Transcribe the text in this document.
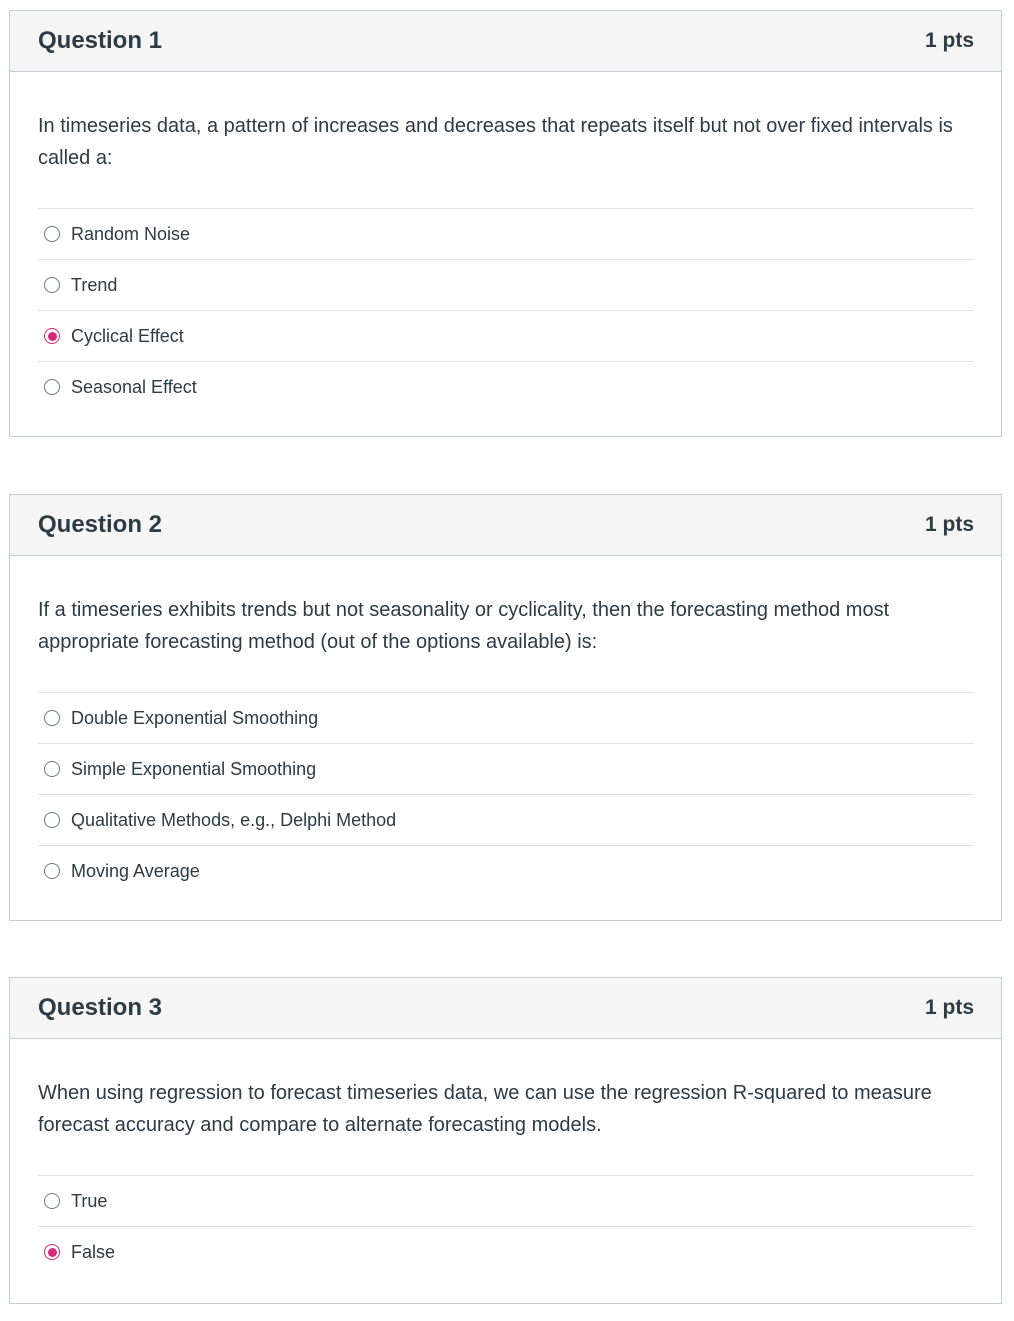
Question 1	1 pts

In timeseries data, a pattern of increases and decreases that repeats itself but not over fixed intervals is called a:

Random Noise
Trend
Cyclical Effect
Seasonal Effect
Question 2	1 pts

If a timeseries exhibits trends but not seasonality or cyclicality, then the forecasting method most appropriate forecasting method (out of the options available) is:

Double Exponential Smoothing
Simple Exponential Smoothing
Qualitative Methods, e.g., Delphi Method
Moving Average
Question 3	1 pts

When using regression to forecast timeseries data, we can use the regression R-squared to measure forecast accuracy and compare to alternate forecasting models.

True
False
